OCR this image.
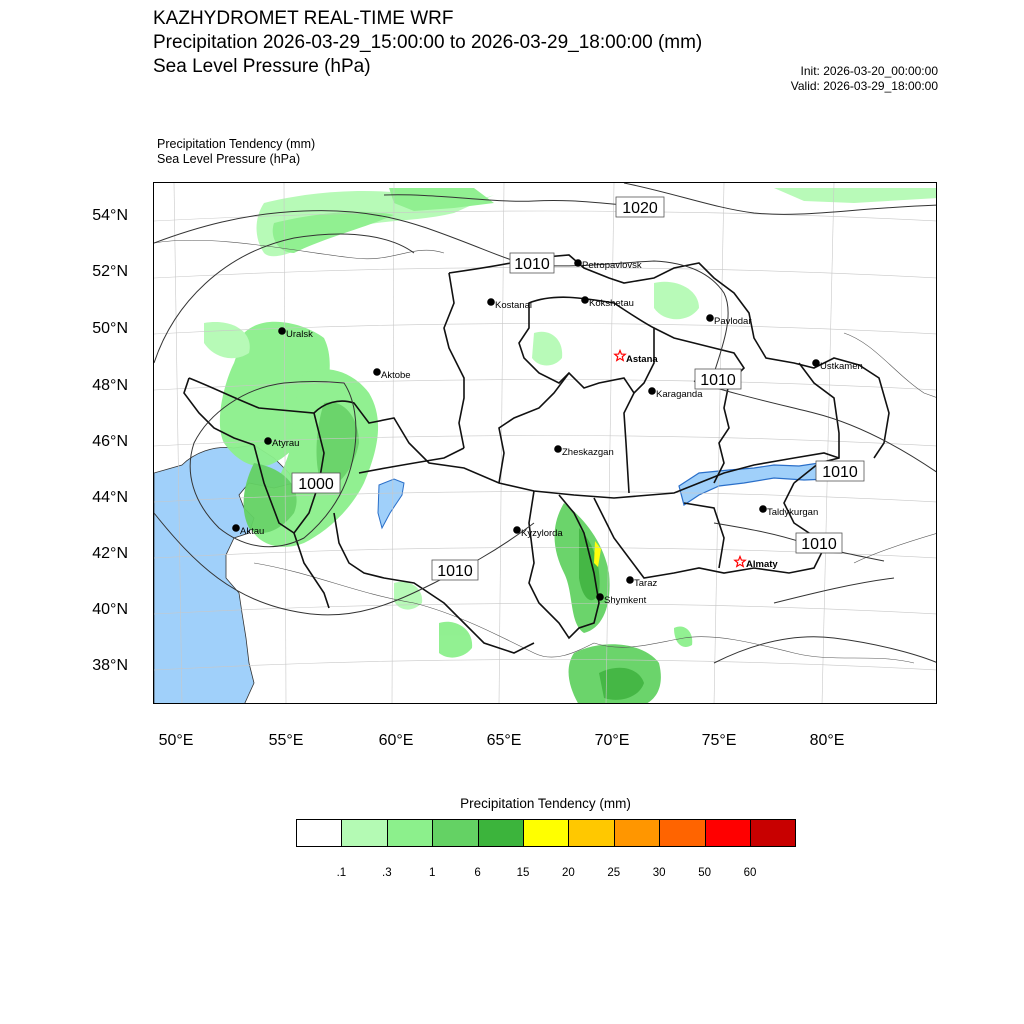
KAZHYDROMET REAL-TIME WRF
Precipitation 2026-03-29_15:00:00 to 2026-03-29_18:00:00 (mm)
Sea Level Pressure (hPa)	Init: 2026-03-20_00:00:00
Valid: 2026-03-29_18:00:00
Precipitation Tendency (mm)
Sea Level Pressure (hPa)
1020
1010
1010
1000
1010
1010
1010
Petropavlovsk
Kostanai	Kokshetau
Uralsk
Pavlodar
Astana
Ustkamen
Aktobe
Karaganda
Atyrau
Zheskazgan
Aktau
Taldykurgan
Kyzylorda
Almaty
Taraz
Shymkent
54°N
52°N
50°N
48°N
46°N
44°N
42°N
40°N
38°N
50°E	55°E	60°E	65°E	70°E	75°E	80°E
Precipitation Tendency (mm)
.1	.3	1	6	15	20	25	30	50	60
